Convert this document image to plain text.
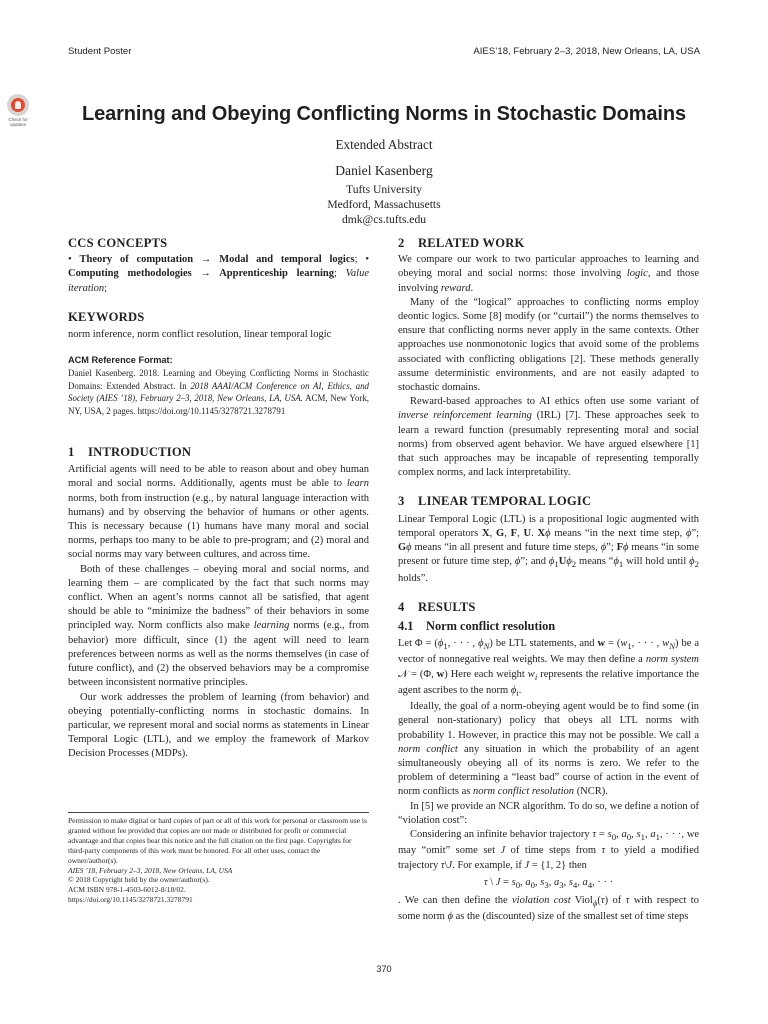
Student Poster	AIES’18, February 2–3, 2018, New Orleans, LA, USA
Check for
updates	Learning and Obeying Conflicting Norms in Stochastic Domains
Extended Abstract
Daniel Kasenberg
Tufts University
Medford, Massachusetts
dmk@cs.tufts.edu
CCS CONCEPTS

• Theory of computation → Modal and temporal logics; • Computing methodologies → Apprenticeship learning; Value iteration;

KEYWORDS

norm inference, norm conflict resolution, linear temporal logic

ACM Reference Format:

Daniel Kasenberg. 2018. Learning and Obeying Conflicting Norms in Stochastic Domains: Extended Abstract. In 2018 AAAI/ACM Conference on AI, Ethics, and Society (AIES ’18), February 2–3, 2018, New Orleans, LA, USA. ACM, New York, NY, USA, 2 pages. https://doi.org/10.1145/3278721.3278791

1 INTRODUCTION

Artificial agents will need to be able to reason about and obey human moral and social norms. Additionally, agents must be able to learn norms, both from instruction (e.g., by natural language interaction with humans) and by observing the behavior of humans or other agents. This is necessary because (1) humans have many moral and social norms, perhaps too many to be able to pre-program; and (2) moral and social norms may vary between cultures, and across time.

Both of these challenges – obeying moral and social norms, and learning them – are complicated by the fact that such norms may conflict. When an agent’s norms cannot all be satisfied, that agent should be able to “minimize the badness” of their behaviors in some principled way. Norm conflicts also make learning norms (e.g., from behavior) more difficult, since (1) the agent will need to learn preferences between norms as well as the norms themselves (in case of future conflict), and (2) the observed behaviors may be a compromise between inconsistent normative principles.

Our work addresses the problem of learning (from behavior) and obeying potentially-conflicting norms in stochastic domains. In particular, we represent moral and social norms as statements in Linear Temporal Logic (LTL), and we employ the framework of Markov Decision Processes (MDPs).

Permission to make digital or hard copies of part or all of this work for personal or classroom use is granted without fee provided that copies are not made or distributed for profit or commercial advantage and that copies bear this notice and the full citation on the first page. Copyrights for third-party components of this work must be honored. For all other uses, contact the owner/author(s).

AIES ’18, February 2–3, 2018, New Orleans, LA, USA

© 2018 Copyright held by the owner/author(s).

ACM ISBN 978-1-4503-6012-8/18/02.

https://doi.org/10.1145/3278721.3278791

2 RELATED WORK

We compare our work to two particular approaches to learning and obeying moral and social norms: those involving logic, and those involving reward.

Many of the “logical” approaches to conflicting norms employ deontic logics. Some [8] modify (or “curtail”) the norms themselves to ensure that conflicting norms never apply in the same contexts. Other approaches use nonmonotonic logics that avoid some of the problems associated with conflicting obligations [2]. These methods generally assume deterministic environments, and are not easily adapted to stochastic domains.

Reward-based approaches to AI ethics often use some variant of inverse reinforcement learning (IRL) [7]. These approaches seek to learn a reward function (presumably representing moral and social norms) from observed agent behavior. We have argued elsewhere [1] that such approaches may be incapable of representing temporally complex norms, and lack interpretability.

3 LINEAR TEMPORAL LOGIC

Linear Temporal Logic (LTL) is a propositional logic augmented with temporal operators X, G, F, U. Xϕ means “in the next time step, ϕ”; Gϕ means “in all present and future time steps, ϕ”; Fϕ means “in some present or future time step, ϕ”; and $\phi_1U\phi_2$ means “$\phi_1$ will hold until $\phi_2$ holds”.

4 RESULTS
4.1 Norm conflict resolution

Let $\Phi = (\phi_1$, · · · , $\phi_N$) be LTL statements, and $w = (w_1$, · · · , $w_N$) be a vector of nonnegative real weights. We may then define a norm system 𝒩 = (Φ, w) Here each weight $w_i$ represents the relative importance the agent ascribes to the norm $\phi_i$.

Ideally, the goal of a norm-obeying agent would be to find some (in general non-stationary) policy that obeys all LTL norms with probability 1. However, in practice this may not be possible. We call a norm conflict any situation in which the probability of an agent simultaneously obeying all of its norms is zero. We refer to the problem of determining a “least bad” course of action in the event of norm conflicts as norm conflict resolution (NCR).

In [5] we provide an NCR algorithm. To do so, we define a notion of “violation cost”:

Considering an infinite behavior trajectory $\tau = s_0$, $a_0$, $s_1$, $a_1$, · · ·, we may “omit” some set J of time steps from τ to yield a modified trajectory τ\J. For example, if J = {1, 2} then

τ \ $J = s_0$, $a_0$, $s_3$, $a_3$, $s_4$, $a_4$, · · ·

. We can then define the violation cost Viol$_\phi$(τ) of τ with respect to some norm ϕ as the (discounted) size of the smallest set of time steps

370
